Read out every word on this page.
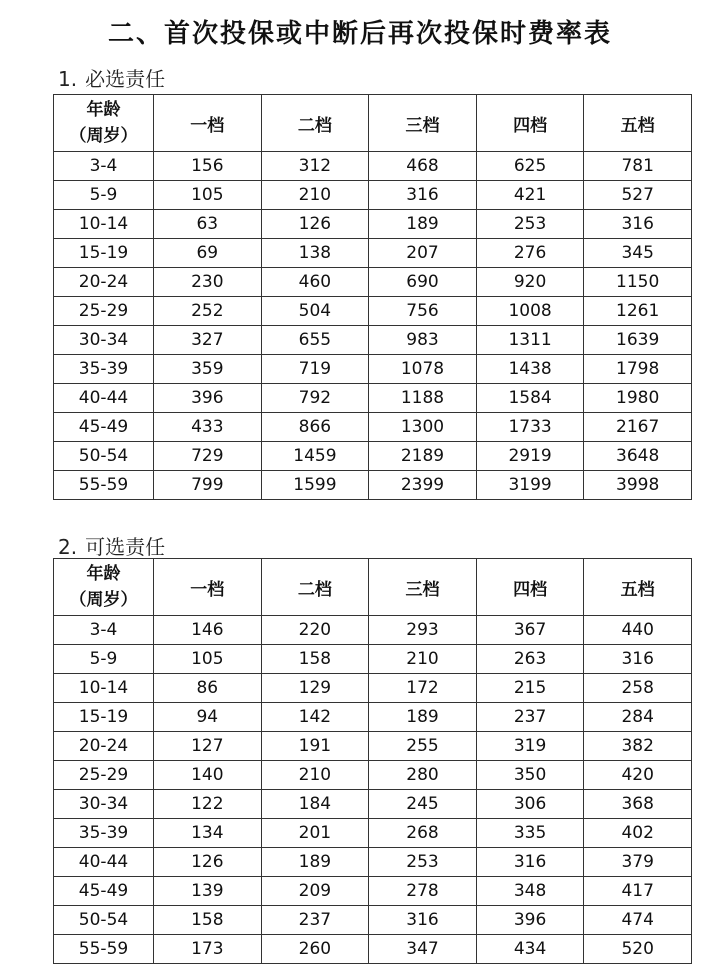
二、首次投保或中断后再次投保时费率表
1. 必选责任
年龄
（周岁）	一档	二档	三档	四档	五档
3-4	156	312	468	625	781
5-9	105	210	316	421	527
10-14	63	126	189	253	316
15-19	69	138	207	276	345
20-24	230	460	690	920	1150
25-29	252	504	756	1008	1261
30-34	327	655	983	1311	1639
35-39	359	719	1078	1438	1798
40-44	396	792	1188	1584	1980
45-49	433	866	1300	1733	2167
50-54	729	1459	2189	2919	3648
55-59	799	1599	2399	3199	3998
2. 可选责任
年龄
（周岁）	一档	二档	三档	四档	五档
3-4	146	220	293	367	440
5-9	105	158	210	263	316
10-14	86	129	172	215	258
15-19	94	142	189	237	284
20-24	127	191	255	319	382
25-29	140	210	280	350	420
30-34	122	184	245	306	368
35-39	134	201	268	335	402
40-44	126	189	253	316	379
45-49	139	209	278	348	417
50-54	158	237	316	396	474
55-59	173	260	347	434	520
